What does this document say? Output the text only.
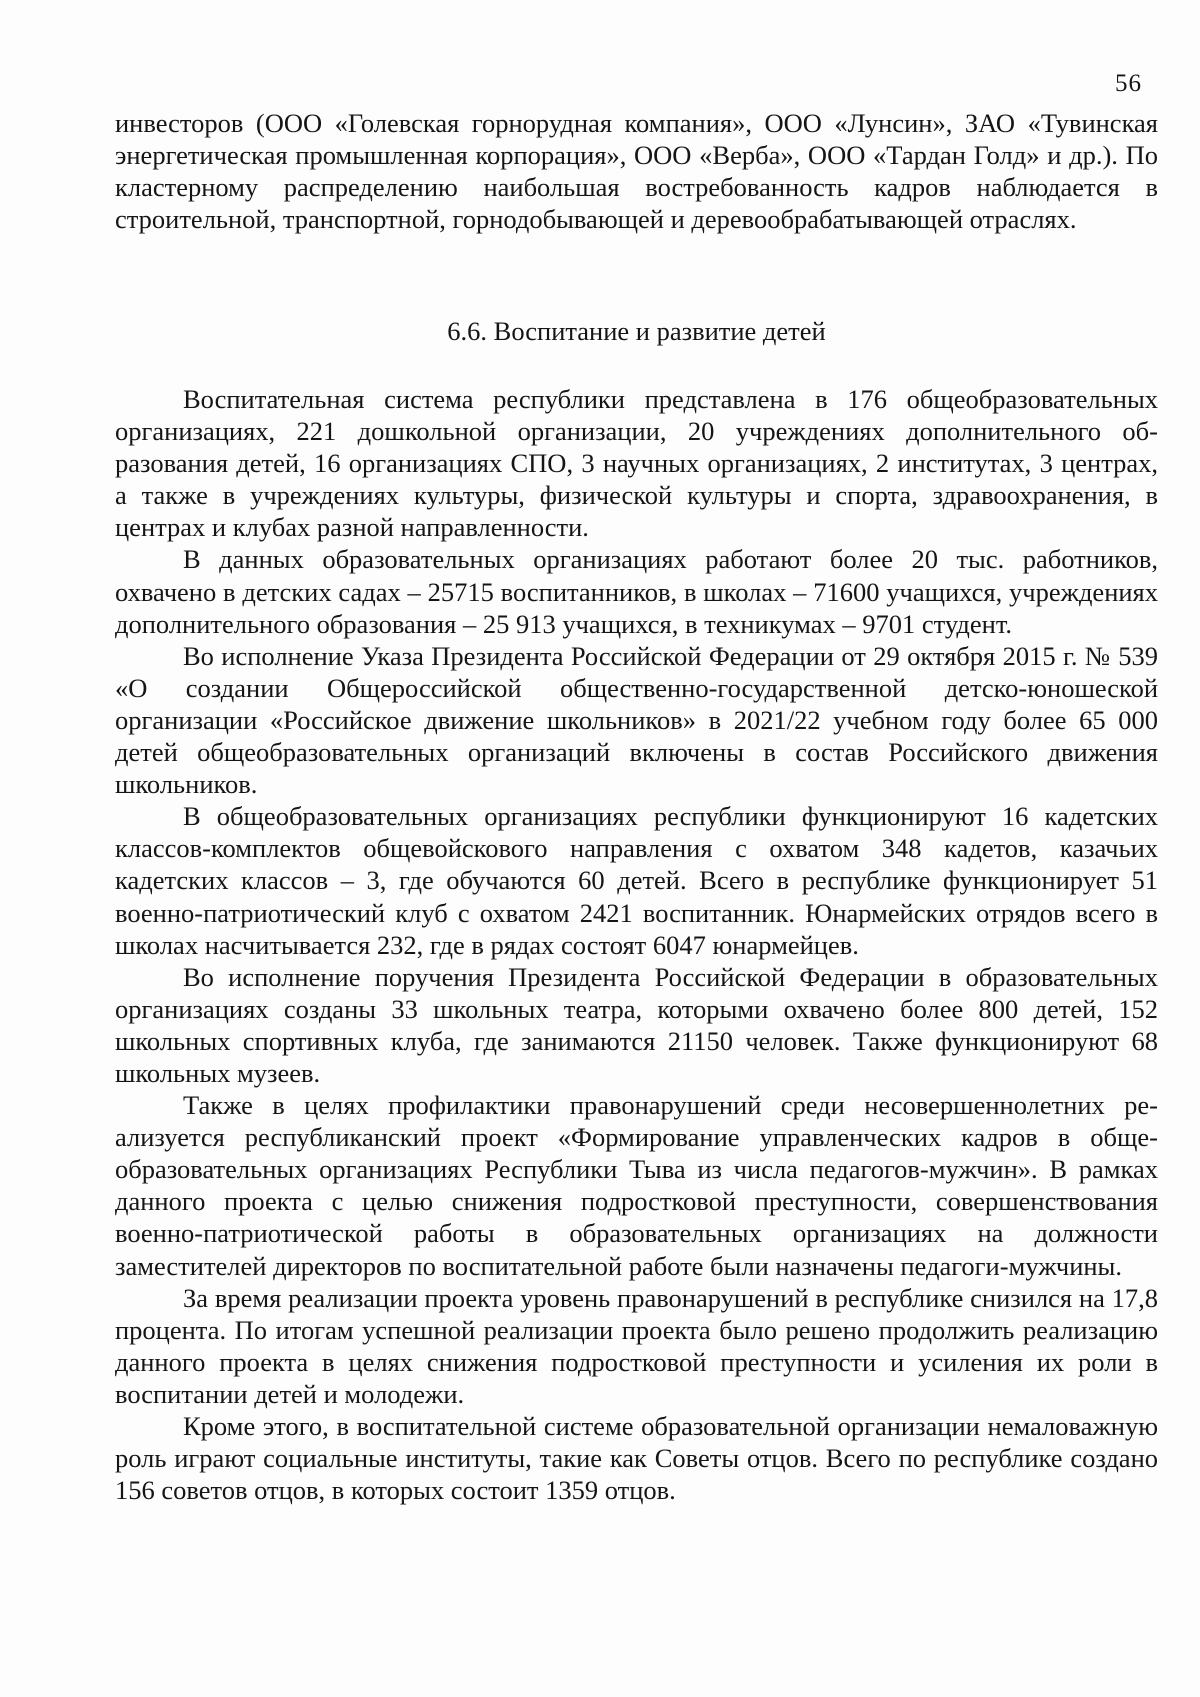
56

инвесторов (ООО «Голевская горнорудная компания», ООО «Лунсин», ЗАО «Тувинская энергетическая промышленная корпорация», ООО «Верба», ООО «Тардан Голд» и др.). По кластерному распределению наибольшая востребованность кадров наблюдается в строительной, транспортной, горнодобывающей и деревообрабатывающей отраслях.

6.6. Воспитание и развитие детей

Воспитательная система республики представлена в 176 общеобразовательных организациях, 221 дошкольной организации, 20 учреждениях дополнительного образования детей, 16 организациях СПО, 3 научных организациях, 2 институтах, 3 центрах, а также в учреждениях культуры, физической культуры и спорта, здравоохранения, в центрах и клубах разной направленности.

В данных образовательных организациях работают более 20 тыс. работников, охвачено в детских садах – 25715 воспитанников, в школах – 71600 учащихся, учреждениях дополнительного образования – 25 913 учащихся, в техникумах – 9701 студент.

Во исполнение Указа Президента Российской Федерации от 29 октября 2015 г. № 539 «О создании Общероссийской общественно-государственной детско-юношеской организации «Российское движение школьников» в 2021/22 учебном году более 65 000 детей общеобразовательных организаций включены в состав Российского движения школьников.

В общеобразовательных организациях республики функционируют 16 кадетских классов-комплектов общевойскового направления с охватом 348 кадетов, казачьих кадетских классов – 3, где обучаются 60 детей. Всего в республике функционирует 51 военно-патриотический клуб с охватом 2421 воспитанник. Юнармейских отрядов всего в школах насчитывается 232, где в рядах состоят 6047 юнармейцев.

Во исполнение поручения Президента Российской Федерации в образовательных организациях созданы 33 школьных театра, которыми охвачено более 800 детей, 152 школьных спортивных клуба, где занимаются 21150 человек. Также функционируют 68 школьных музеев.

Также в целях профилактики правонарушений среди несовершеннолетних реализуется республиканский проект «Формирование управленческих кадров в общеобразовательных организациях Республики Тыва из числа педагогов-мужчин». В рамках данного проекта с целью снижения подростковой преступности, совершенствования военно-патриотической работы в образовательных организациях на должности заместителей директоров по воспитательной работе были назначены педагоги-мужчины.

За время реализации проекта уровень правонарушений в республике снизился на 17,8 процента. По итогам успешной реализации проекта было решено продолжить реализацию данного проекта в целях снижения подростковой преступности и усиления их роли в воспитании детей и молодежи.

Кроме этого, в воспитательной системе образовательной организации немаловажную роль играют социальные институты, такие как Советы отцов. Всего по республике создано 156 советов отцов, в которых состоит 1359 отцов.
